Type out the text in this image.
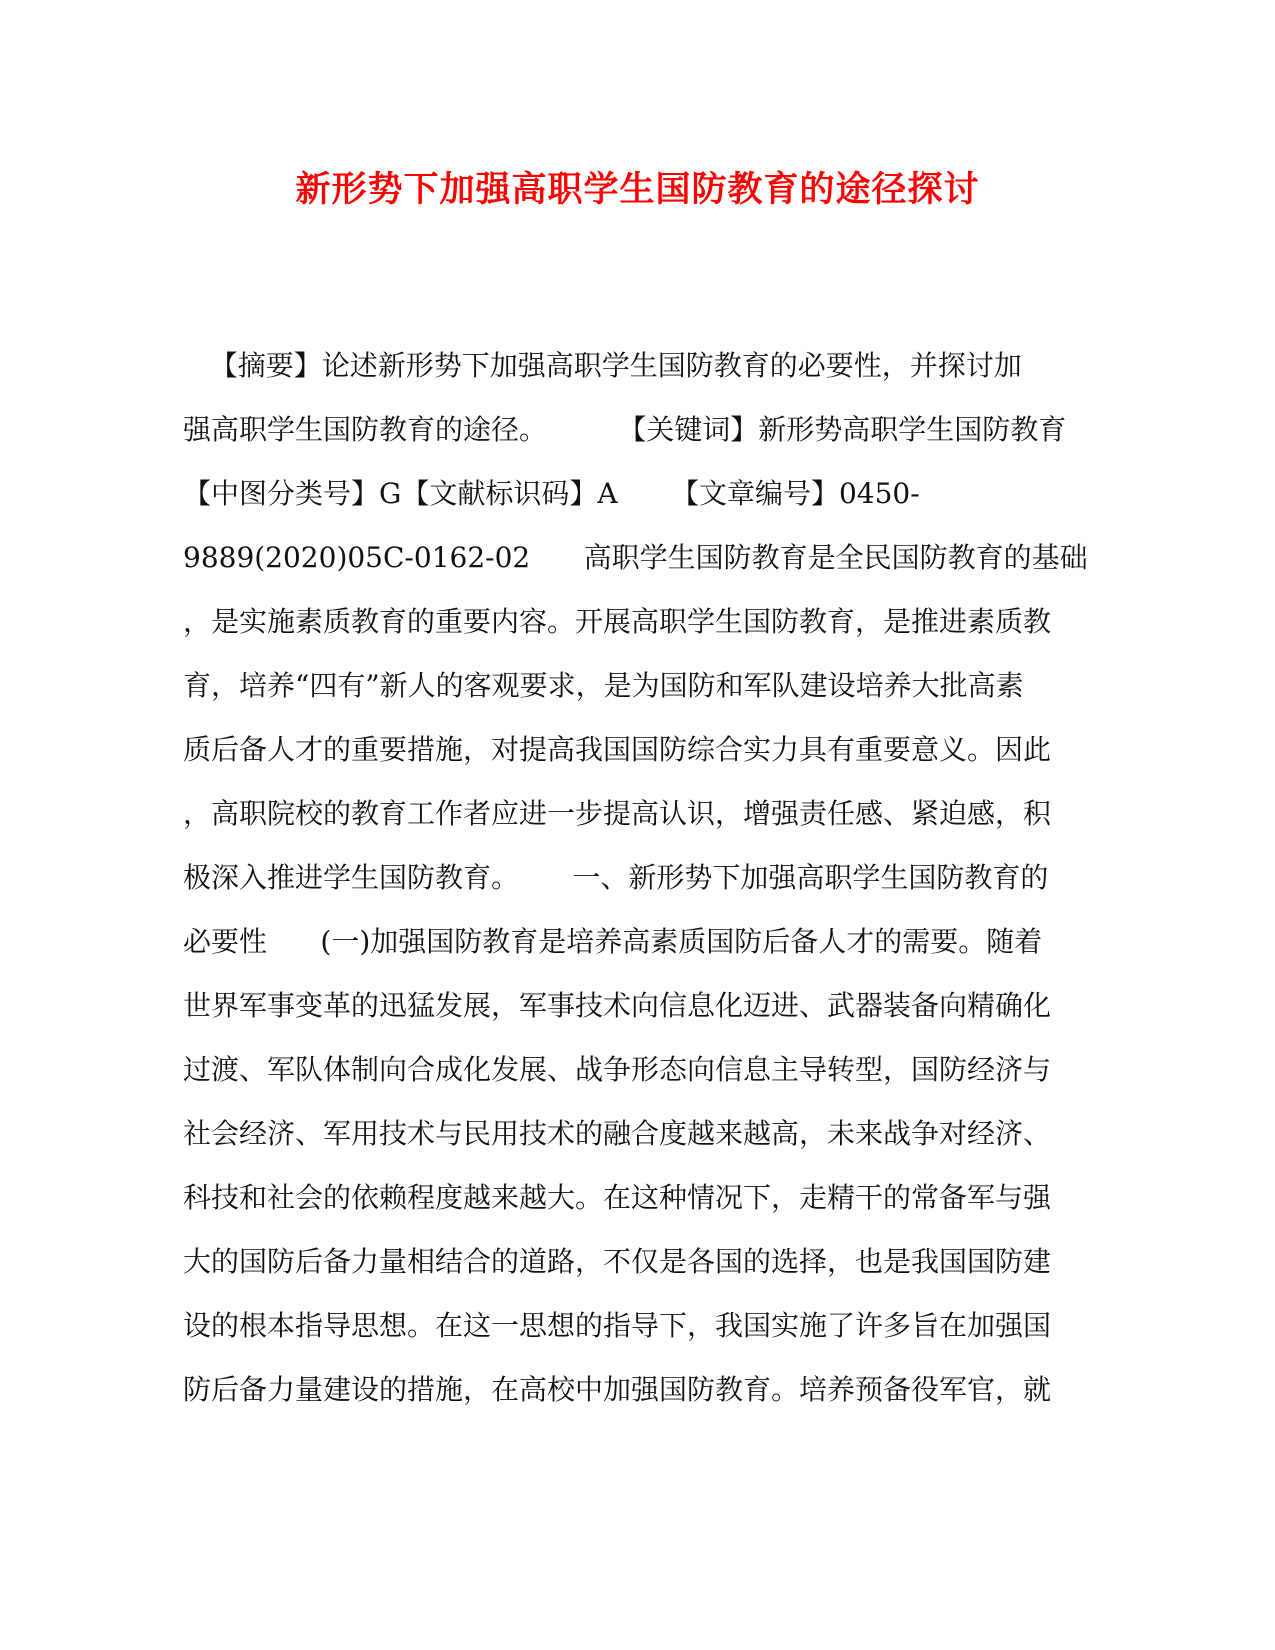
新形势下加强高职学生国防教育的途径探讨
【摘要】论述新形势下加强高职学生国防教育的必要性，并探讨加
强高职学生国防教育的途径。        【关键词】新形势高职学生国防教育
【中图分类号】G【文献标识码】A      【文章编号】0450-
9889(2020)05C-0162-02      高职学生国防教育是全民国防教育的基础
，是实施素质教育的重要内容。开展高职学生国防教育，是推进素质教
育，培养“四有”新人的客观要求，是为国防和军队建设培养大批高素
质后备人才的重要措施，对提高我国国防综合实力具有重要意义。因此
，高职院校的教育工作者应进一步提高认识，增强责任感、紧迫感，积
极深入推进学生国防教育。      一、新形势下加强高职学生国防教育的
必要性      (一)加强国防教育是培养高素质国防后备人才的需要。随着
世界军事变革的迅猛发展，军事技术向信息化迈进、武器装备向精确化
过渡、军队体制向合成化发展、战争形态向信息主导转型，国防经济与
社会经济、军用技术与民用技术的融合度越来越高，未来战争对经济、
科技和社会的依赖程度越来越大。在这种情况下，走精干的常备军与强
大的国防后备力量相结合的道路，不仅是各国的选择，也是我国国防建
设的根本指导思想。在这一思想的指导下，我国实施了许多旨在加强国
防后备力量建设的措施，在高校中加强国防教育。培养预备役军官，就
